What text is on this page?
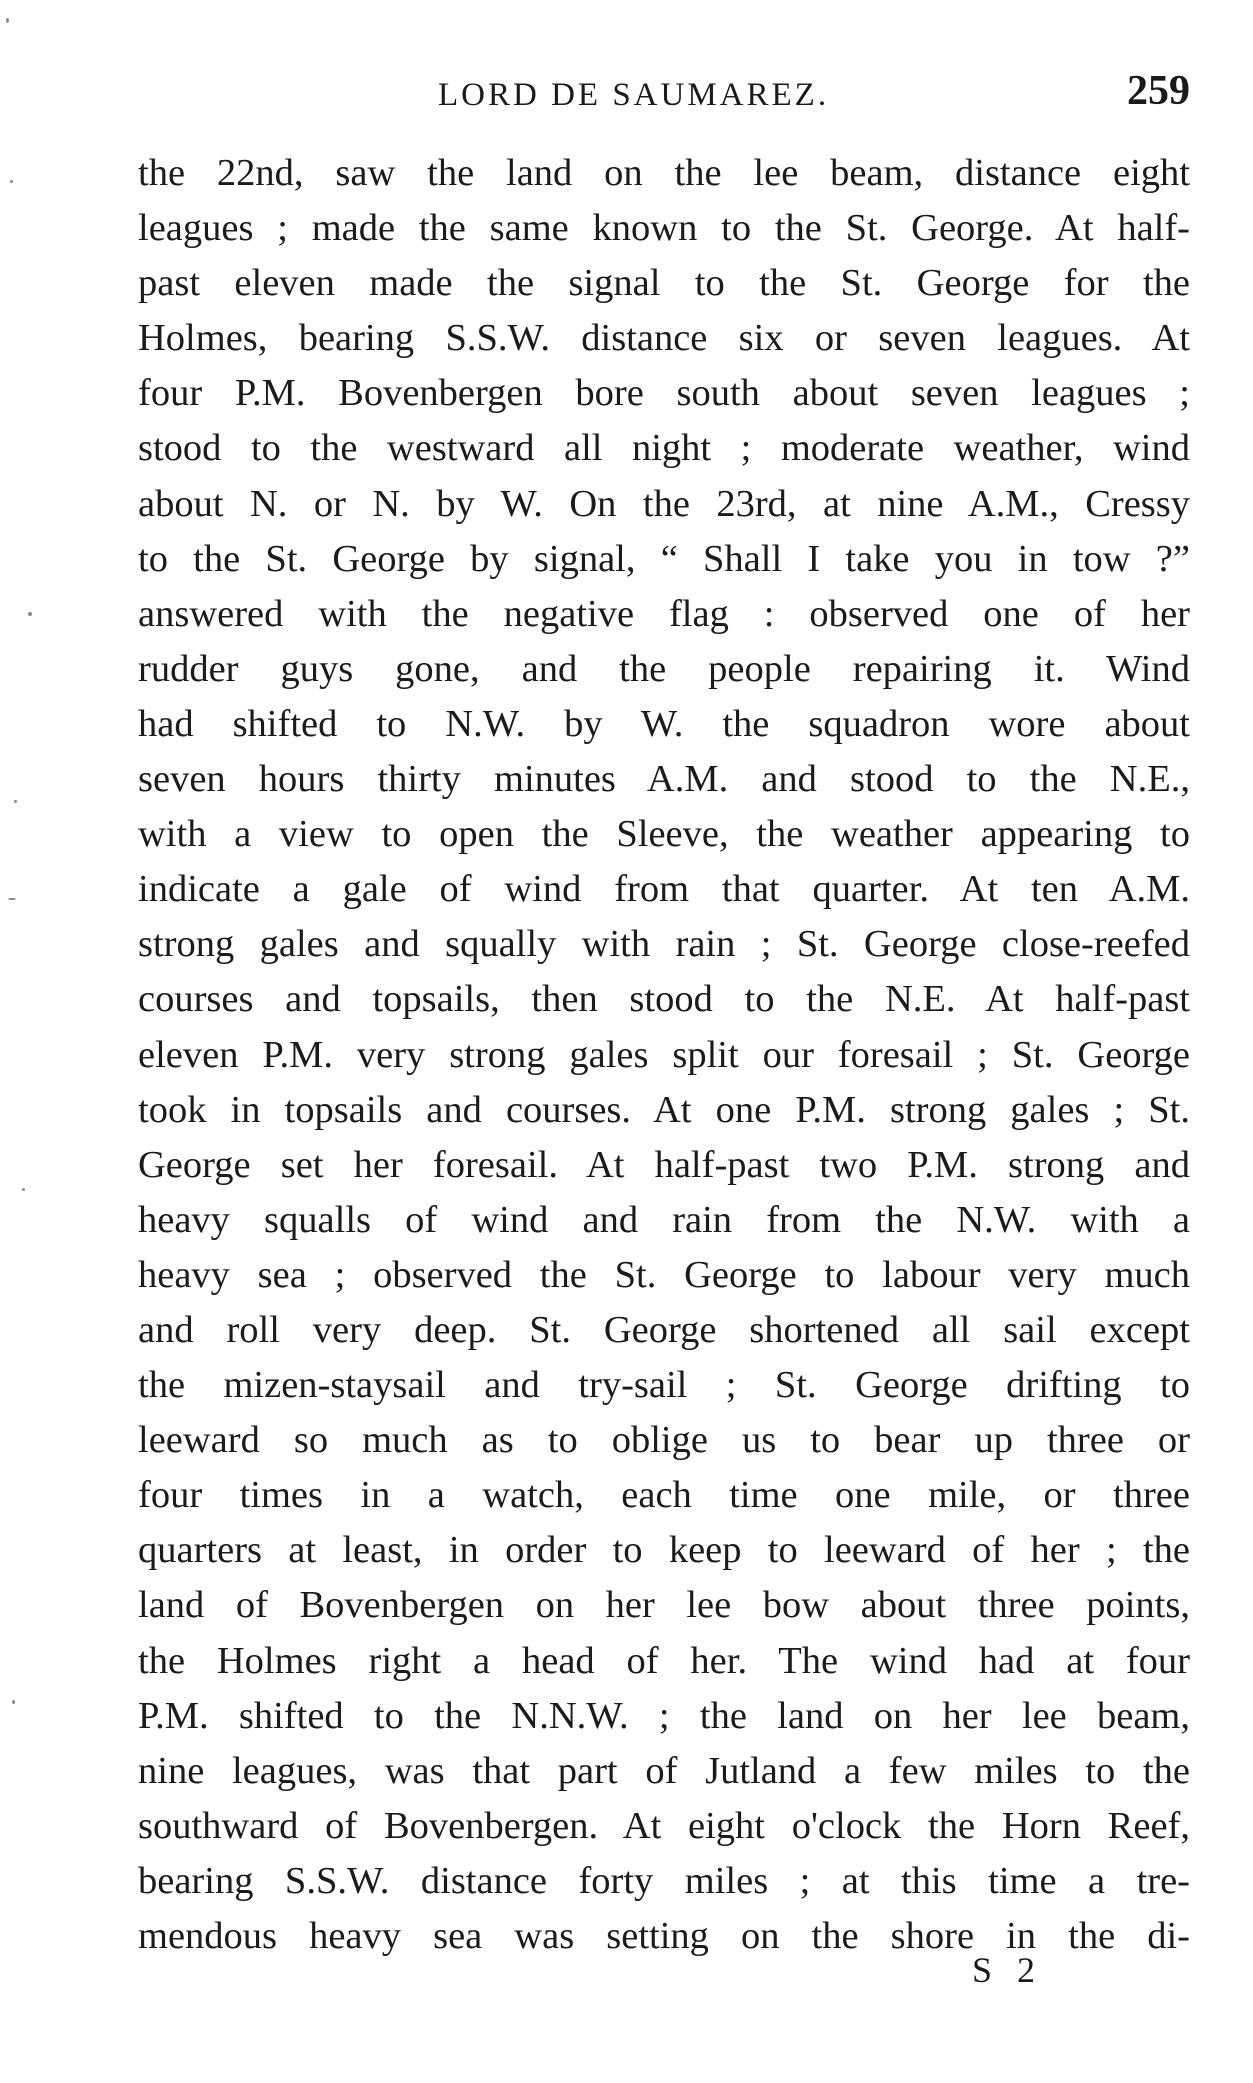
LORD DE SAUMAREZ.	259
the 22nd, saw the land on the lee beam, distance eight
leagues ; made the same known to the St. George. At half-
past eleven made the signal to the St. George for the
Holmes, bearing S.S.W. distance six or seven leagues. At
four P.M. Bovenbergen bore south about seven leagues ;
stood to the westward all night ; moderate weather, wind
about N. or N. by W. On the 23rd, at nine A.M., Cressy
to the St. George by signal, “ Shall I take you in tow ?”
answered with the negative flag : observed one of her
rudder guys gone, and the people repairing it. Wind
had shifted to N.W. by W. the squadron wore about
seven hours thirty minutes A.M. and stood to the N.E.,
with a view to open the Sleeve, the weather appearing to
indicate a gale of wind from that quarter. At ten A.M.
strong gales and squally with rain ; St. George close-reefed
courses and topsails, then stood to the N.E. At half-past
eleven P.M. very strong gales split our foresail ; St. George
took in topsails and courses. At one P.M. strong gales ; St.
George set her foresail. At half-past two P.M. strong and
heavy squalls of wind and rain from the N.W. with a
heavy sea ; observed the St. George to labour very much
and roll very deep. St. George shortened all sail except
the mizen-staysail and try-sail ; St. George drifting to
leeward so much as to oblige us to bear up three or
four times in a watch, each time one mile, or three
quarters at least, in order to keep to leeward of her ; the
land of Bovenbergen on her lee bow about three points,
the Holmes right a head of her. The wind had at four
P.M. shifted to the N.N.W. ; the land on her lee beam,
nine leagues, was that part of Jutland a few miles to the
southward of Bovenbergen. At eight o'clock the Horn Reef,
bearing S.S.W. distance forty miles ; at this time a tre-
mendous heavy sea was setting on the shore in the di-
S 2
